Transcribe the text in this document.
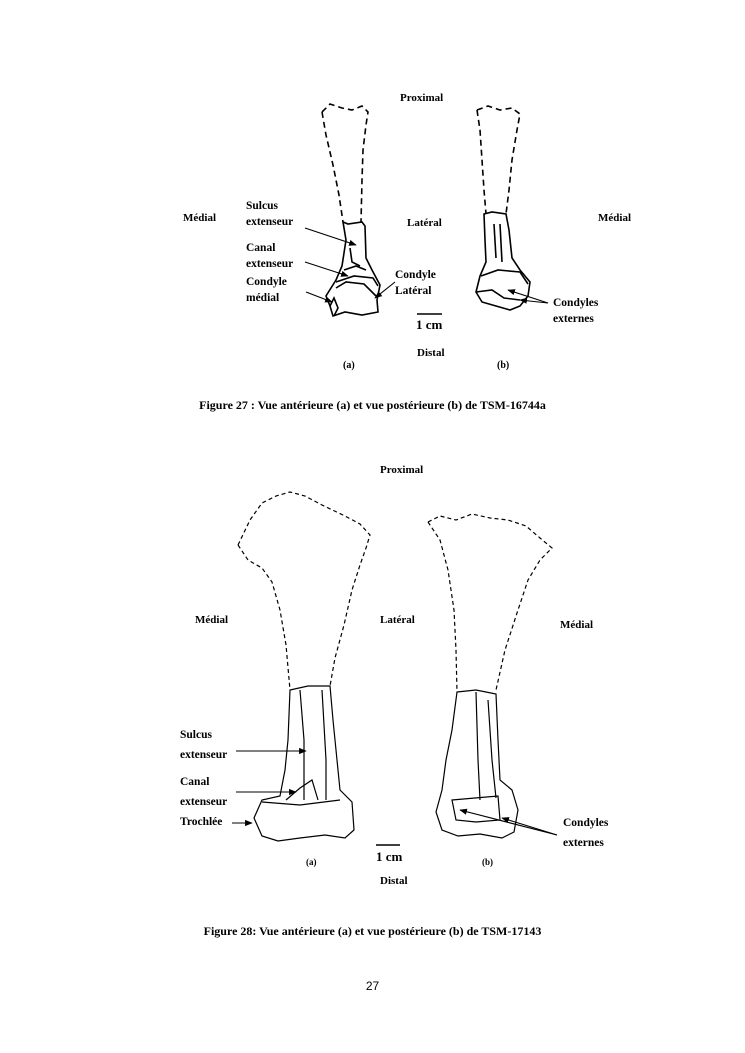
Proximal
Médial	Latéral	Médial
Sulcus
extenseur
Canal
extenseur
Condyle
médial
Condyle
Latéral
Condyles
externes
1 cm
Distal
(a)	(b)
Figure 27 : Vue antérieure (a) et vue postérieure (b) de TSM-16744a
Proximal
Médial	Latéral	Médial
Sulcus
extenseur
Canal
extenseur
Trochlée	Condyles
externes
1 cm
(a)	(b)
Distal
Figure 28: Vue antérieure (a) et vue postérieure (b) de TSM-17143
27
